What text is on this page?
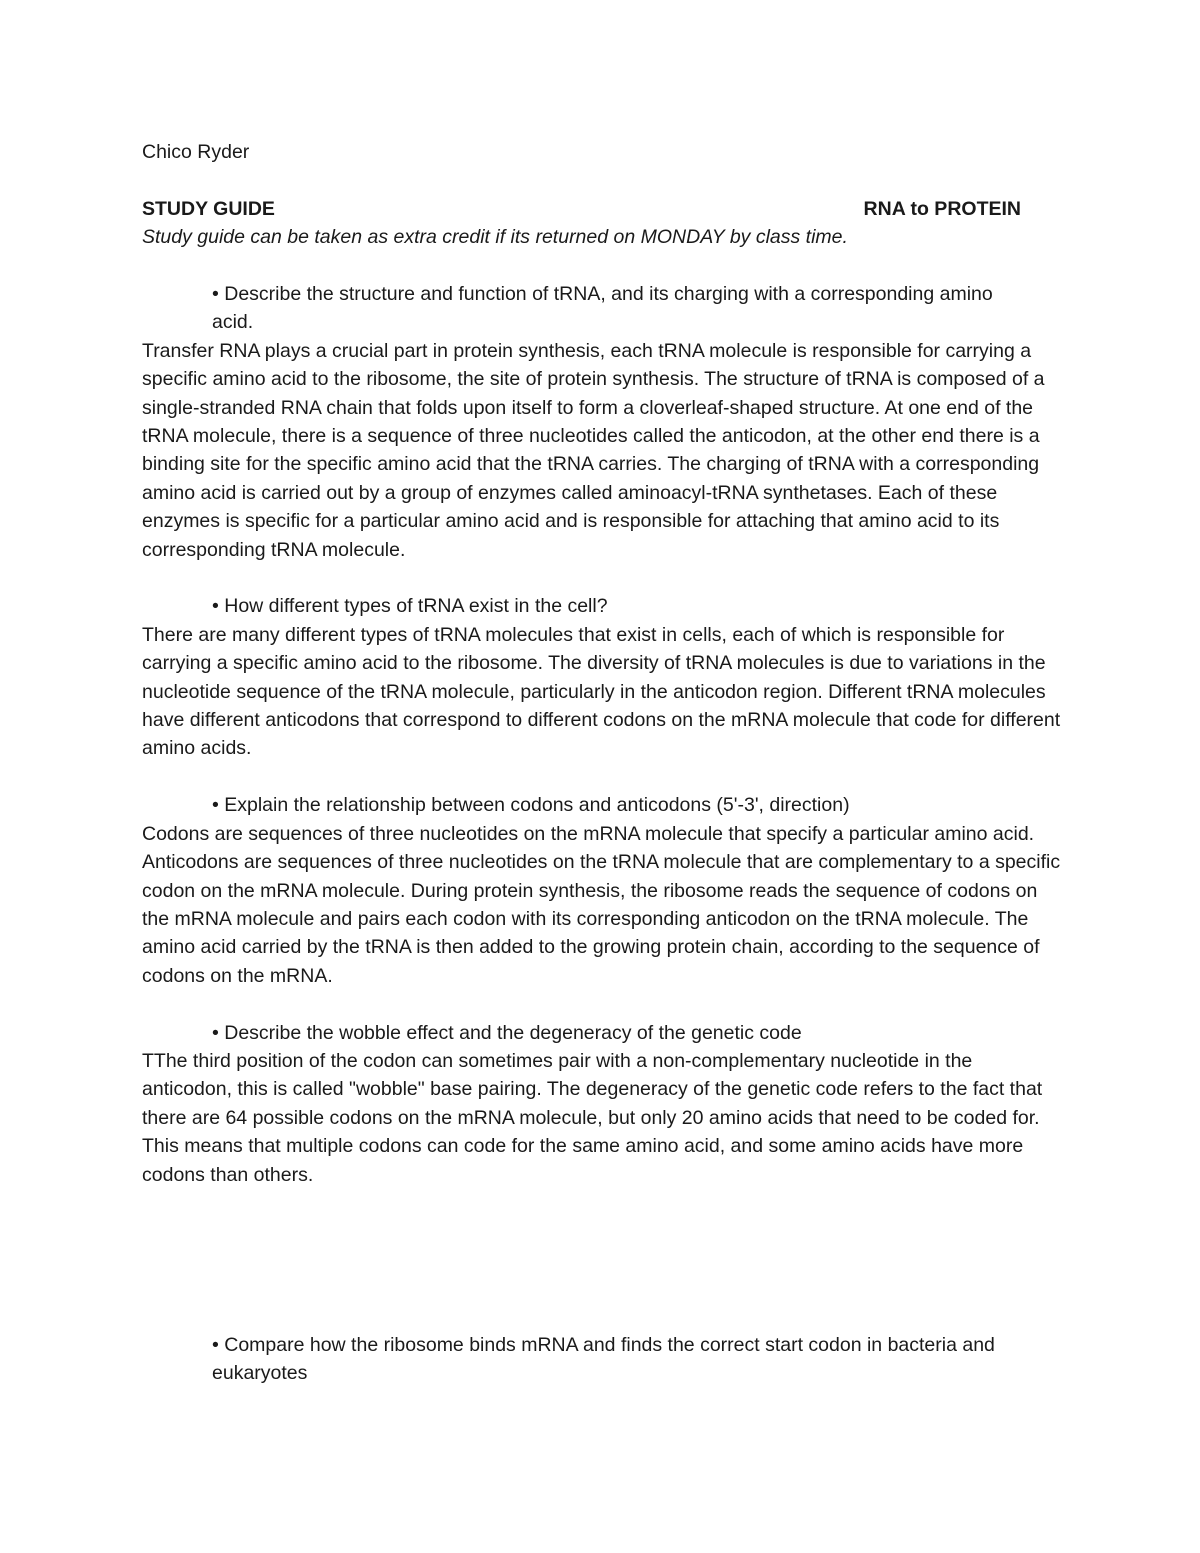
Chico Ryder

STUDY GUIDE	RNA to PROTEIN

Study guide can be taken as extra credit if its returned on MONDAY by class time.

• Describe the structure and function of tRNA, and its charging with a corresponding amino acid.

Transfer RNA plays a crucial part in protein synthesis, each tRNA molecule is responsible for carrying a specific amino acid to the ribosome, the site of protein synthesis. The structure of tRNA is composed of a single-stranded RNA chain that folds upon itself to form a cloverleaf-shaped structure. At one end of the tRNA molecule, there is a sequence of three nucleotides called the anticodon, at the other end there is a binding site for the specific amino acid that the tRNA carries. The charging of tRNA with a corresponding amino acid is carried out by a group of enzymes called aminoacyl-tRNA synthetases. Each of these enzymes is specific for a particular amino acid and is responsible for attaching that amino acid to its corresponding tRNA molecule.

• How different types of tRNA exist in the cell?

There are many different types of tRNA molecules that exist in cells, each of which is responsible for carrying a specific amino acid to the ribosome. The diversity of tRNA molecules is due to variations in the nucleotide sequence of the tRNA molecule, particularly in the anticodon region. Different tRNA molecules have different anticodons that correspond to different codons on the mRNA molecule that code for different amino acids.

• Explain the relationship between codons and anticodons (5'-3', direction)

Codons are sequences of three nucleotides on the mRNA molecule that specify a particular amino acid. Anticodons are sequences of three nucleotides on the tRNA molecule that are complementary to a specific codon on the mRNA molecule. During protein synthesis, the ribosome reads the sequence of codons on the mRNA molecule and pairs each codon with its corresponding anticodon on the tRNA molecule. The amino acid carried by the tRNA is then added to the growing protein chain, according to the sequence of codons on the mRNA.

• Describe the wobble effect and the degeneracy of the genetic code

TThe third position of the codon can sometimes pair with a non-complementary nucleotide in the anticodon, this is called "wobble" base pairing. The degeneracy of the genetic code refers to the fact that there are 64 possible codons on the mRNA molecule, but only 20 amino acids that need to be coded for. This means that multiple codons can code for the same amino acid, and some amino acids have more codons than others.

• Compare how the ribosome binds mRNA and finds the correct start codon in bacteria and eukaryotes
